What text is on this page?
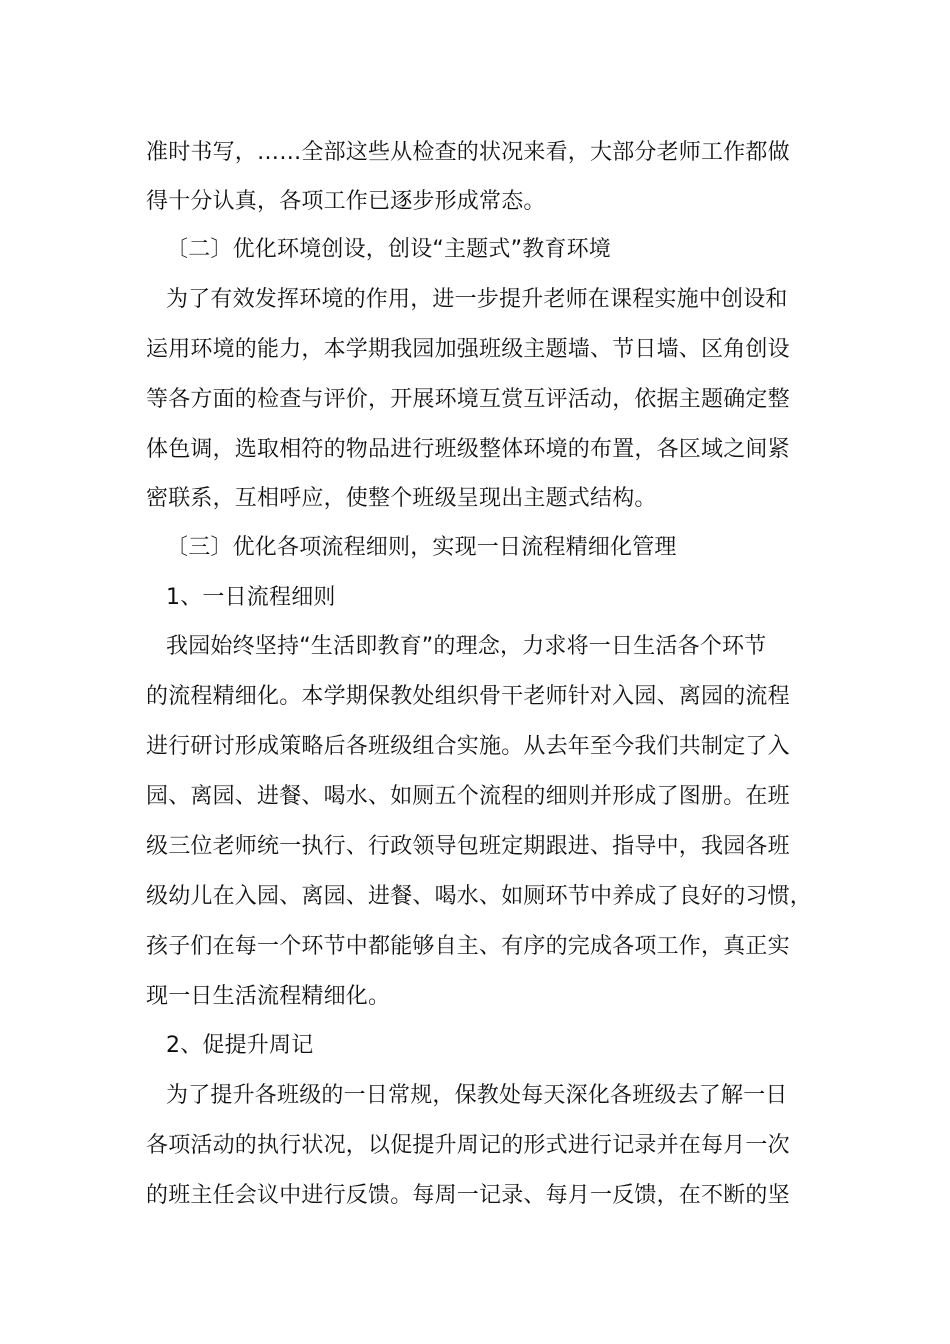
准时书写，……全部这些从检查的状况来看，大部分老师工作都做
得十分认真，各项工作已逐步形成常态。
〔二〕优化环境创设，创设“主题式”教育环境
为了有效发挥环境的作用，进一步提升老师在课程实施中创设和
运用环境的能力，本学期我园加强班级主题墙、节日墙、区角创设
等各方面的检查与评价，开展环境互赏互评活动，依据主题确定整
体色调，选取相符的物品进行班级整体环境的布置，各区域之间紧
密联系，互相呼应，使整个班级呈现出主题式结构。
〔三〕优化各项流程细则，实现一日流程精细化管理
1、一日流程细则
我园始终坚持“生活即教育”的理念，力求将一日生活各个环节
的流程精细化。本学期保教处组织骨干老师针对入园、离园的流程
进行研讨形成策略后各班级组合实施。从去年至今我们共制定了入
园、离园、进餐、喝水、如厕五个流程的细则并形成了图册。在班
级三位老师统一执行、行政领导包班定期跟进、指导中，我园各班
级幼儿在入园、离园、进餐、喝水、如厕环节中养成了良好的习惯，
孩子们在每一个环节中都能够自主、有序的完成各项工作，真正实
现一日生活流程精细化。
2、促提升周记
为了提升各班级的一日常规，保教处每天深化各班级去了解一日
各项活动的执行状况，以促提升周记的形式进行记录并在每月一次
的班主任会议中进行反馈。每周一记录、每月一反馈，在不断的坚
